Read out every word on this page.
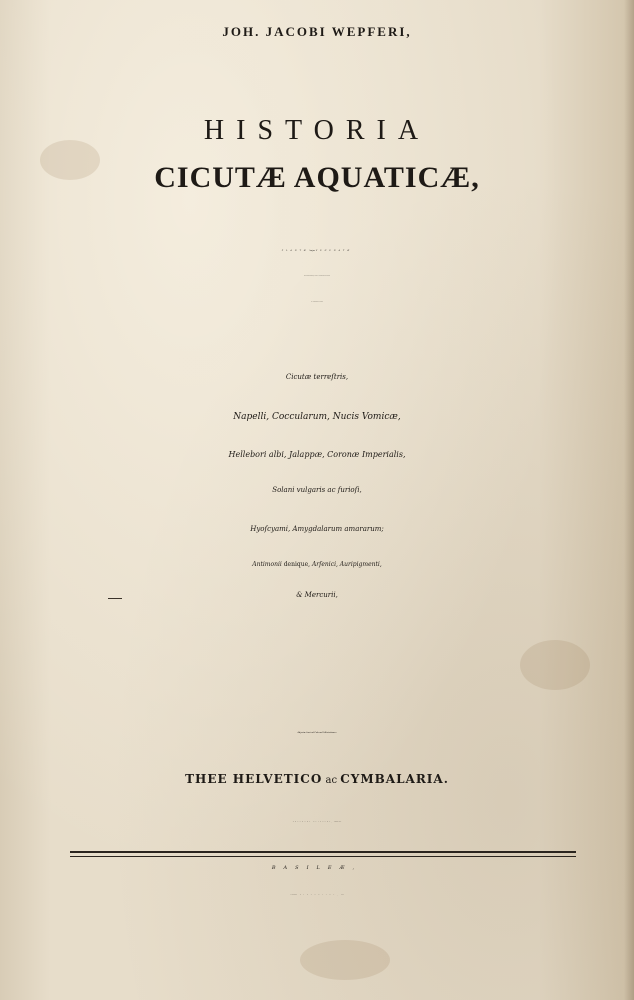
JOH. JACOBI WEPFERI,
HISTORIA
CICUTÆ AQUATICÆ,
PLANTÆ hujus VENENATÆ
Structura naturalis, Vires & Operationes deleteriæ
in Hominibus ac Brutis
Cicutæ terreſtris,
Napelli, Coccularum, Nucis Vomicæ,
Hellebori albi, Jalappæ, Coronæ Imperialis,
Solani vulgaris ac furioſi,
Hyoſcyami, Amygdalarum amararum;
Antimonii denique, Arſenici, Auripigmenti,
& Mercurii,
Adjectæ ſunt ad Calcem Diſſertationes
THEE HELVETICO ac CYMBALARIA.
THEODORO ZVINGERO, Archiatr. Baſil.
BASILEÆ,
Ex Officina EPISCOPIANA, 1716.
